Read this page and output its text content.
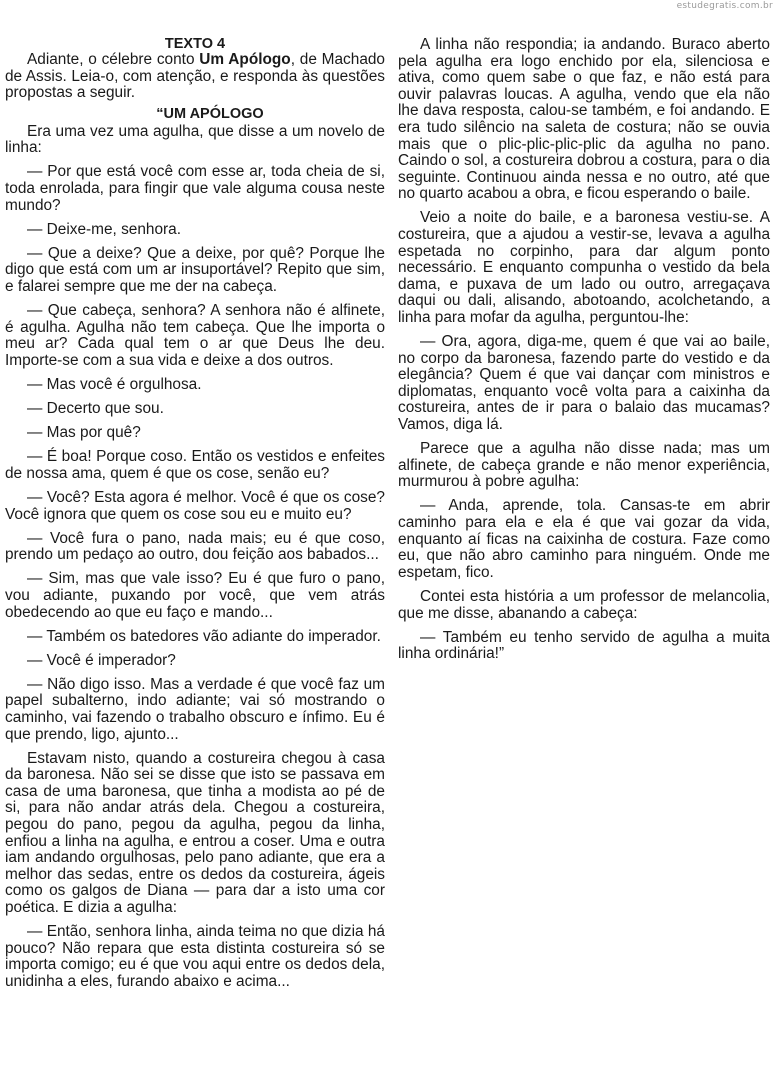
estudegratis.com.br
TEXTO 4

Adiante, o célebre conto Um Apólogo, de Machado de Assis. Leia-o, com atenção, e responda às questões propostas a seguir.

“UM APÓLOGO

Era uma vez uma agulha, que disse a um novelo de linha:

— Por que está você com esse ar, toda cheia de si, toda enrolada, para fingir que vale alguma cousa neste mundo?

— Deixe-me, senhora.

— Que a deixe? Que a deixe, por quê? Porque lhe digo que está com um ar insuportável? Repito que sim, e falarei sempre que me der na cabeça.

— Que cabeça, senhora? A senhora não é alfinete, é agulha. Agulha não tem cabeça. Que lhe importa o meu ar? Cada qual tem o ar que Deus lhe deu. Importe-se com a sua vida e deixe a dos outros.

— Mas você é orgulhosa.

— Decerto que sou.

— Mas por quê?

— É boa! Porque coso. Então os vestidos e enfeites de nossa ama, quem é que os cose, senão eu?

— Você? Esta agora é melhor. Você é que os cose? Você ignora que quem os cose sou eu e muito eu?

— Você fura o pano, nada mais; eu é que coso, prendo um pedaço ao outro, dou feição aos babados...

— Sim, mas que vale isso? Eu é que furo o pano, vou adiante, puxando por você, que vem atrás obedecendo ao que eu faço e mando...

— Também os batedores vão adiante do imperador.

— Você é imperador?

— Não digo isso. Mas a verdade é que você faz um papel subalterno, indo adiante; vai só mostrando o caminho, vai fazendo o trabalho obscuro e ínfimo. Eu é que prendo, ligo, ajunto...

Estavam nisto, quando a costureira chegou à casa da baronesa. Não sei se disse que isto se passava em casa de uma baronesa, que tinha a modista ao pé de si, para não andar atrás dela. Chegou a costureira, pegou do pano, pegou da agulha, pegou da linha, enfiou a linha na agulha, e entrou a coser. Uma e outra iam andando orgulhosas, pelo pano adiante, que era a melhor das sedas, entre os dedos da costureira, ágeis como os galgos de Diana — para dar a isto uma cor poética. E dizia a agulha:

— Então, senhora linha, ainda teima no que dizia há pouco? Não repara que esta distinta costureira só se importa comigo; eu é que vou aqui entre os dedos dela, unidinha a eles, furando abaixo e acima...

A linha não respondia; ia andando. Buraco aberto pela agulha era logo enchido por ela, silenciosa e ativa, como quem sabe o que faz, e não está para ouvir palavras loucas. A agulha, vendo que ela não lhe dava resposta, calou-se também, e foi andando. E era tudo silêncio na saleta de costura; não se ouvia mais que o plic-plic-plic-plic da agulha no pano. Caindo o sol, a costureira dobrou a costura, para o dia seguinte. Continuou ainda nessa e no outro, até que no quarto acabou a obra, e ficou esperando o baile.

Veio a noite do baile, e a baronesa vestiu-se. A costureira, que a ajudou a vestir-se, levava a agulha espetada no corpinho, para dar algum ponto necessário. E enquanto compunha o vestido da bela dama, e puxava de um lado ou outro, arregaçava daqui ou dali, alisando, abotoando, acolchetando, a linha para mofar da agulha, perguntou-lhe:

— Ora, agora, diga-me, quem é que vai ao baile, no corpo da baronesa, fazendo parte do vestido e da elegância? Quem é que vai dançar com ministros e diplomatas, enquanto você volta para a caixinha da costureira, antes de ir para o balaio das mucamas? Vamos, diga lá.

Parece que a agulha não disse nada; mas um alfinete, de cabeça grande e não menor experiência, murmurou à pobre agulha:

— Anda, aprende, tola. Cansas-te em abrir caminho para ela e ela é que vai gozar da vida, enquanto aí ficas na caixinha de costura. Faze como eu, que não abro caminho para ninguém. Onde me espetam, fico.

Contei esta história a um professor de melancolia, que me disse, abanando a cabeça:

— Também eu tenho servido de agulha a muita linha ordinária!”
